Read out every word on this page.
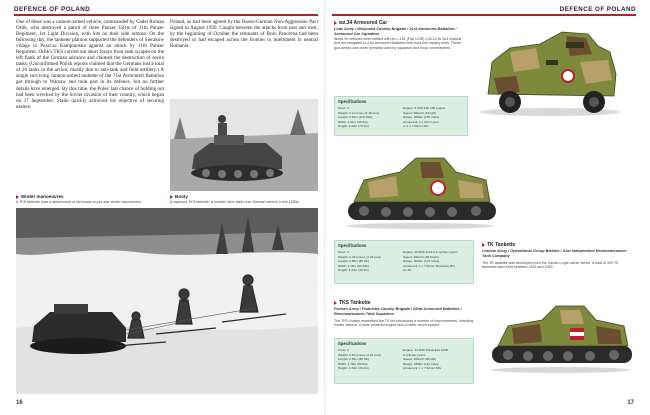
DEFENCE OF POLAND

One of these was a cannon-armed vehicle, commanded by Cadet Roman Orlik, who destroyed a patrol of three Panzer 35(t)s of 11th Panzer Regiment, 1st Light Division, with hits on their side armour. On the following day, the tankette platoon supported the defenders of Sieraków village in Puszcza Kampinoska against an attack by 11th Panzer Regiment. Orlik's TKS carried out short forays from tank scrapes on the left flank of the German advance and claimed the destruction of seven tanks. (Unconfirmed Polish reports claimed that the Germans lost a total of 20 tanks in the action, mostly due to anti-tank and field artillery.) A single surviving cannon-armed tankette of the 71st Armoured Battalion got through to Warsaw and took part in its defence, but no further details have emerged. By this time, the Poles' last chance of holding out had been wrecked by the Soviet invasion of their country, which began on 17 September. Stalin quickly achieved his objective of securing eastern

Poland, as had been agreed by the Russo-German Non-Aggression Pact signed in August 1939. Caught between the attacks from east and west, by the beginning of October the remnants of Bron Pancerna had been destroyed or had escaped across the frontier to internment in neutral Rumania.

Booty
A captured TKS tankette. A number were taken into German service in the 1930s.
Winter manoeuvres
A TKS tankette tows a detachment of ski troops on pre-war winter manoeuvres.
16
DEFENCE OF POLAND
wz.34 Armoured Car
Lodz Army / Wolynska Cavalry Brigade / 21st Armoured Battalion / Armoured Car Squadron
About 90 vehicles were refitted with an L-181 (Fiat 122B) 3.8t-12.8L 6x4 chassis and are relegated to 21st Armoured Battalion with front-line cavalry units. These gun-armed cars were primarily used by squadron and troop commanders.
Specifications
Crew: 2
Weight: 2.2 tonnes (2.16 tons)
Length: 3.62m (11ft 10in)
Width: 1.91m (6ft 3in)
Height: 2.22m (7ft 3in)
Engine: 8.7kW Fiat 108 engine
Speed: 50km/h (31mph)
Range: 250km (155 miles)
Armament: 1 x 37mm gun
or 1 x 7.92mm MG
Specifications
Crew: 2
Weight: 2.43 tonnes (2.39 tons)
Length: 2.58m (8ft 5in)
Width: 1.78m (5ft 10in)
Height: 1.32m (4ft 4in)
Engine: 29.8kW Ford A 4-cylinder petrol
Speed: 46km/h (28.5mph)
Range: 200km (124 miles)
Armament: 1 x 7.92mm Browning MG
wz.25
TK Tankette
Cracow Army / Operational Group Bielsko / 31st Independent Reconnaissance Tank Company
The TK tankette was developed from the Carden-Loyd carrier series. A total of 300 TK tankettes were built between 1931 and 1933.
TKS Tankette
Poznan Army / Podolska Cavalry Brigade / 62nd Armoured Battalion / Reconnaissance Tank Squadron
The TKS closely resembled the TK but introduced a number of improvements, including thicker armour, a more powerful engine and a better vision system.
Specifications
Crew: 2
Weight: 2.65 tonnes (2.61 tons)
Length: 2.56m (8ft 5in)
Width: 1.76m (5ft 9in)
Height: 1.33m (4ft 4in)
Engine: 34.3kW Polski Fiat 122B
6-cylinder petrol
Speed: 40km/h (25mph)
Range: 180km (112 miles)
Armament: 1 x 7.92mm MG
17
